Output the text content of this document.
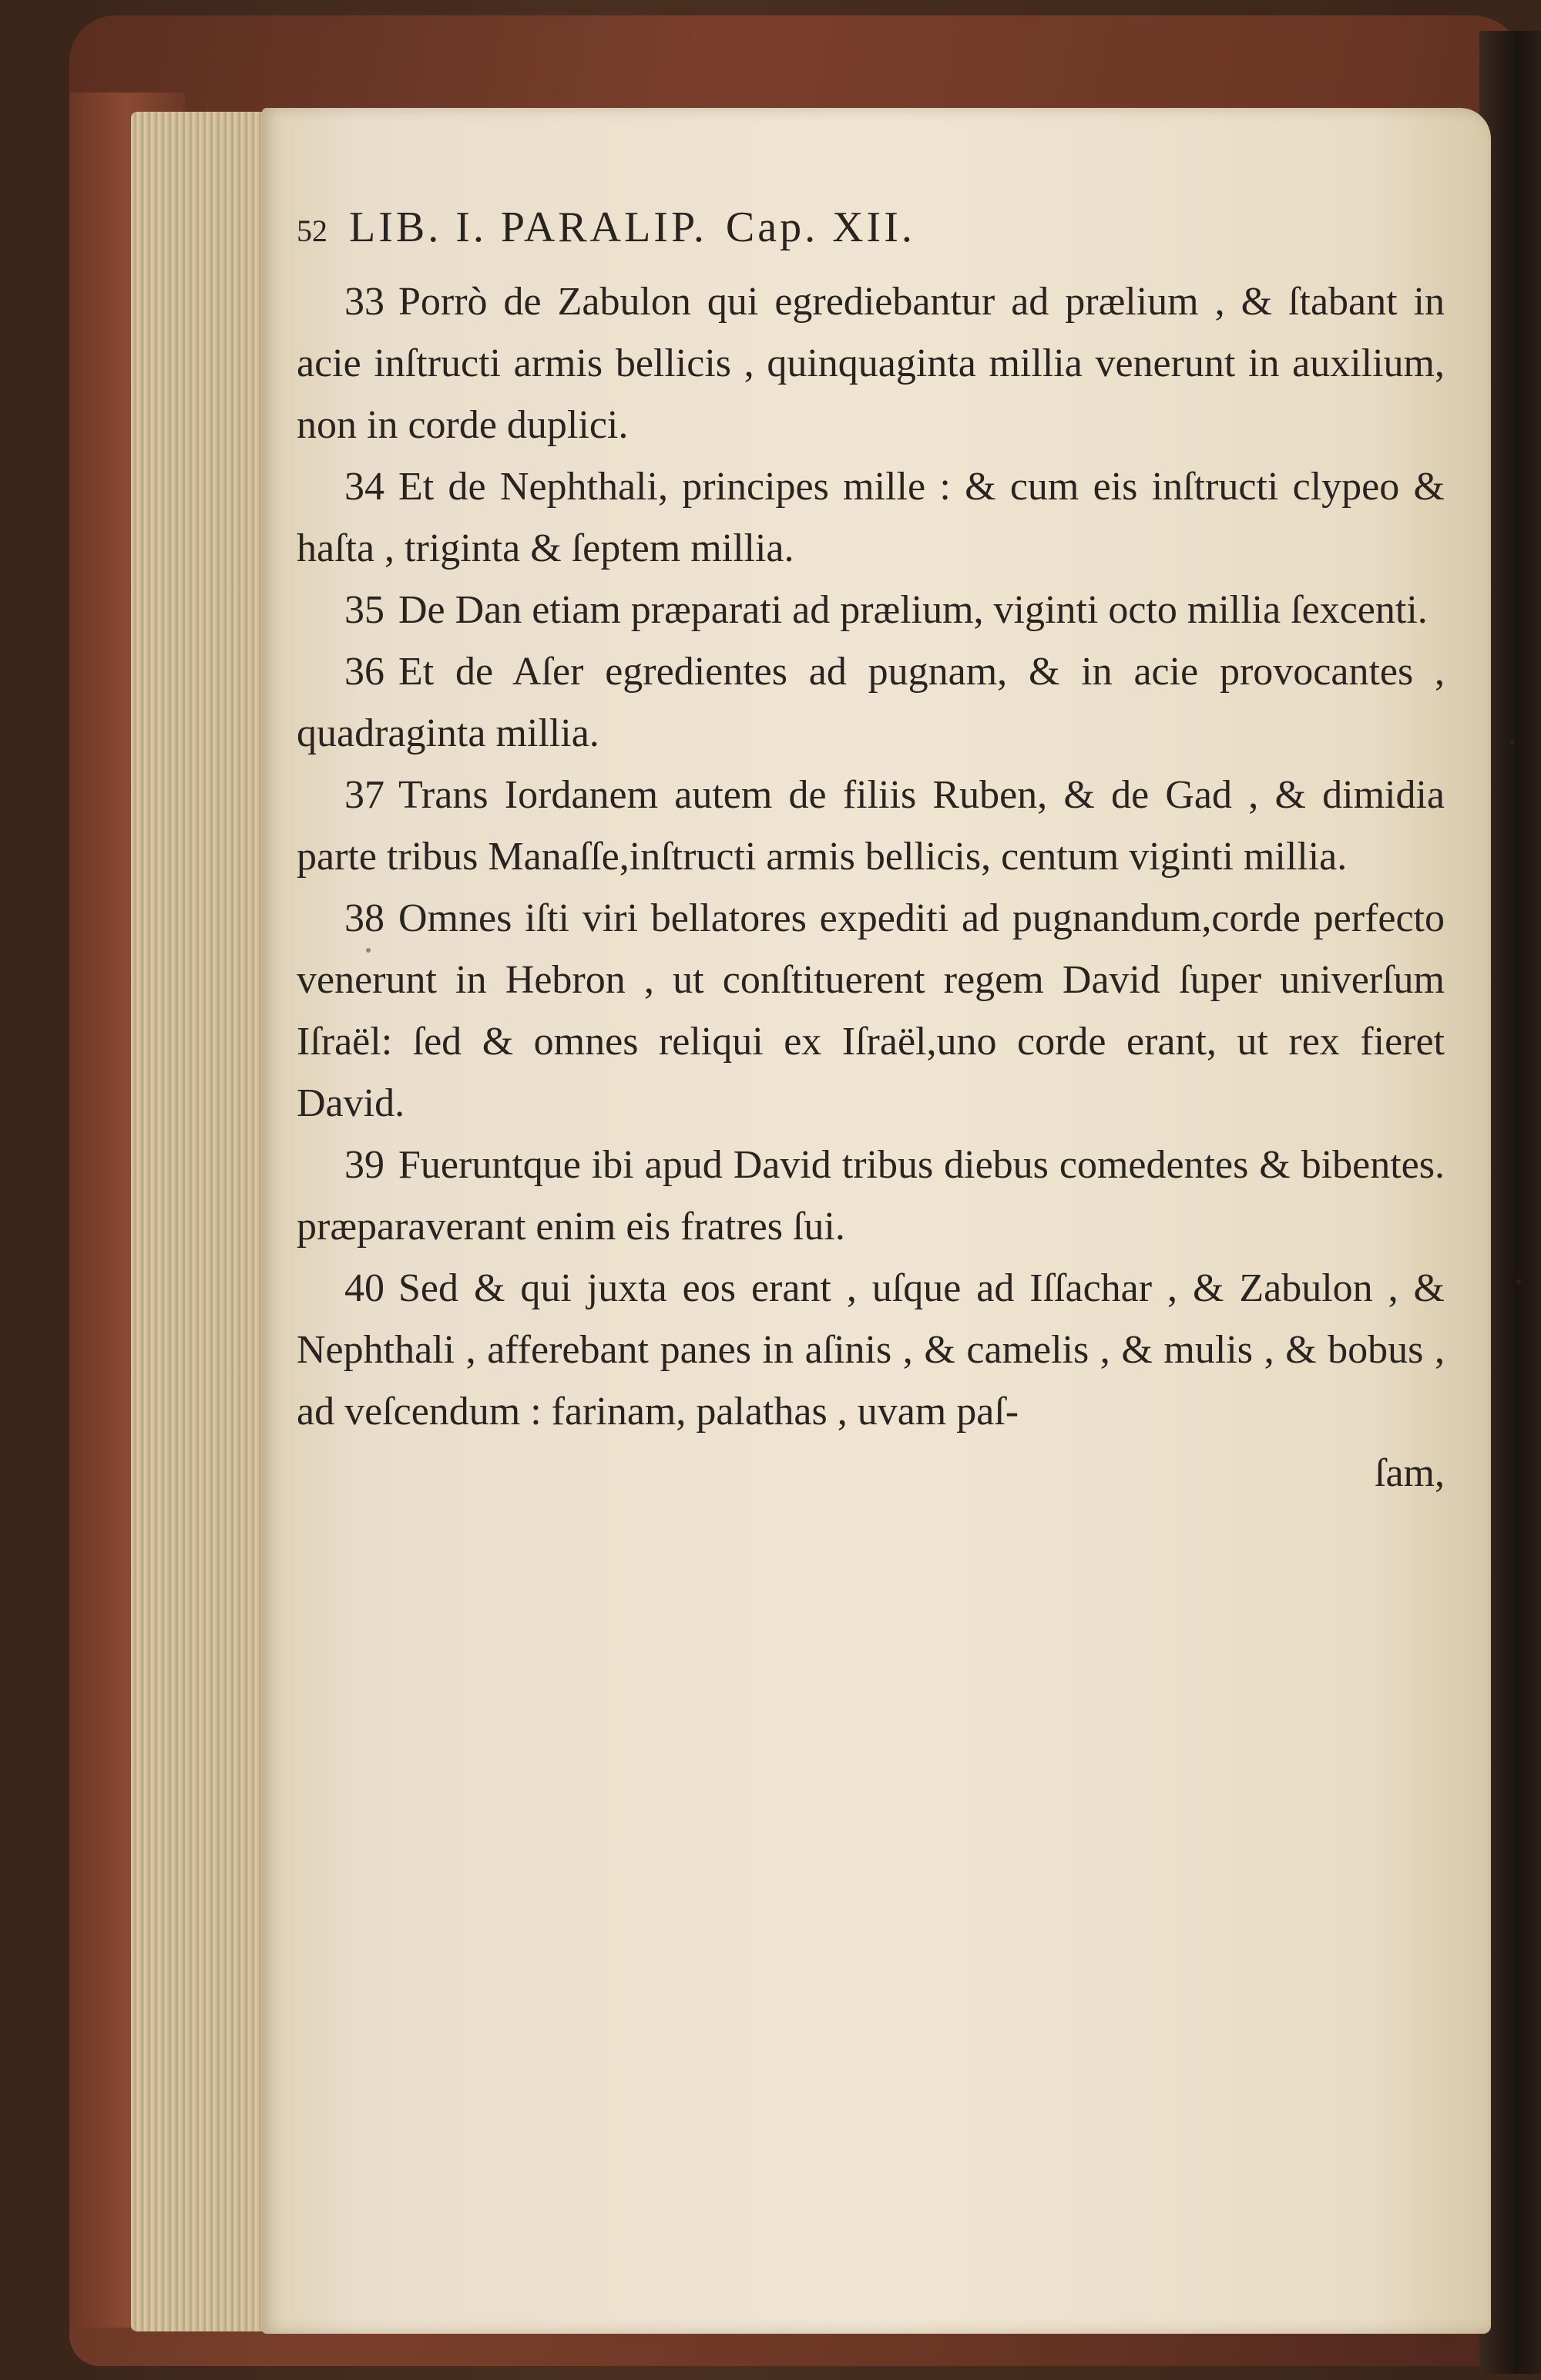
52 LIB. I. PARALIP. Cap. XII.

33 Porrò de Zabulon qui egrediebantur ad prælium , & ſtabant in acie inſtructi armis bellicis , quinquaginta millia venerunt in auxilium, non in corde duplici.

34 Et de Nephthali, principes mille : & cum eis inſtructi clypeo & haſta , triginta & ſeptem millia.

35 De Dan etiam præparati ad prælium, viginti octo millia ſexcenti.

36 Et de Aſer egredientes ad pugnam, & in acie provocantes , quadraginta millia.

37 Trans Iordanem autem de filiis Ruben, & de Gad , & dimidia parte tribus Manaſſe,inſtructi armis bellicis, centum viginti millia.

38 Omnes iſti viri bellatores expediti ad pugnandum,corde perfecto venerunt in Hebron , ut conſtituerent regem David ſuper univerſum Iſraël: ſed & omnes reliqui ex Iſraël,uno corde erant, ut rex fieret David.

39 Fueruntque ibi apud David tribus diebus comedentes & bibentes. præparaverant enim eis fratres ſui.

40 Sed & qui juxta eos erant , uſque ad Iſſachar , & Zabulon , & Nephthali , afferebant panes in aſinis , & camelis , & mulis , & bobus , ad veſcendum : farinam, palathas , uvam paſ-

ſam,
